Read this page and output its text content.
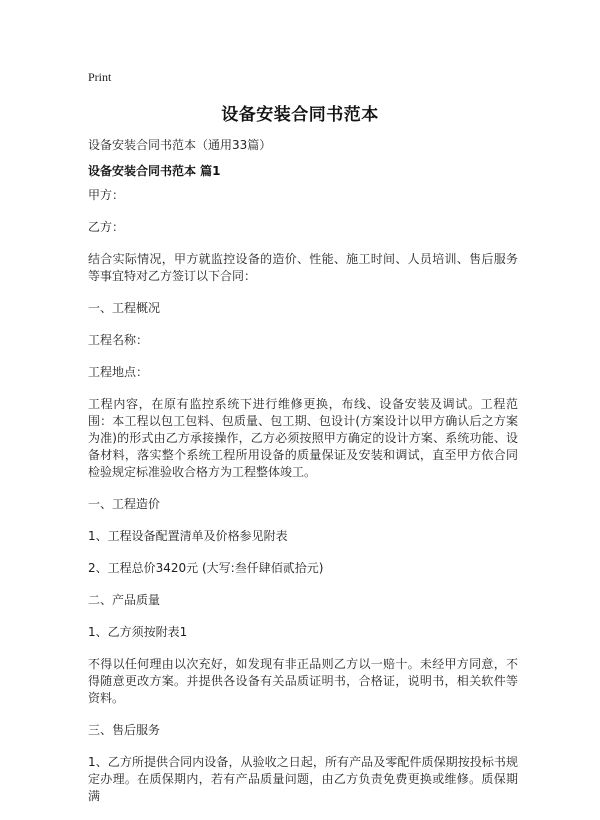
Print
设备安装合同书范本
设备安装合同书范本（通用33篇）
设备安装合同书范本 篇1

甲方：

乙方：

结合实际情况，甲方就监控设备的造价、性能、施工时间、人员培训、售后服务等事宜特对乙方签订以下合同：

一、工程概况

工程名称：

工程地点：

工程内容，在原有监控系统下进行维修更换，布线、设备安装及调试。工程范围：本工程以包工包料、包质量、包工期、包设计(方案设计以甲方确认后之方案为准)的形式由乙方承接操作，乙方必须按照甲方确定的设计方案、系统功能、设备材料，落实整个系统工程所用设备的质量保证及安装和调试，直至甲方依合同检验规定标准验收合格方为工程整体竣工。

一、工程造价

1、工程设备配置清单及价格参见附表

2、工程总价3420元 (大写:叁仟肆佰贰拾元)

二、产品质量

1、乙方须按附表1

不得以任何理由以次充好，如发现有非正品则乙方以一赔十。未经甲方同意，不得随意更改方案。并提供各设备有关品质证明书，合格证，说明书，相关软件等资料。

三、售后服务

1、乙方所提供合同内设备，从验收之日起，所有产品及零配件质保期按投标书规定办理。在质保期内，若有产品质量问题，由乙方负责免费更换或维修。质保期满
